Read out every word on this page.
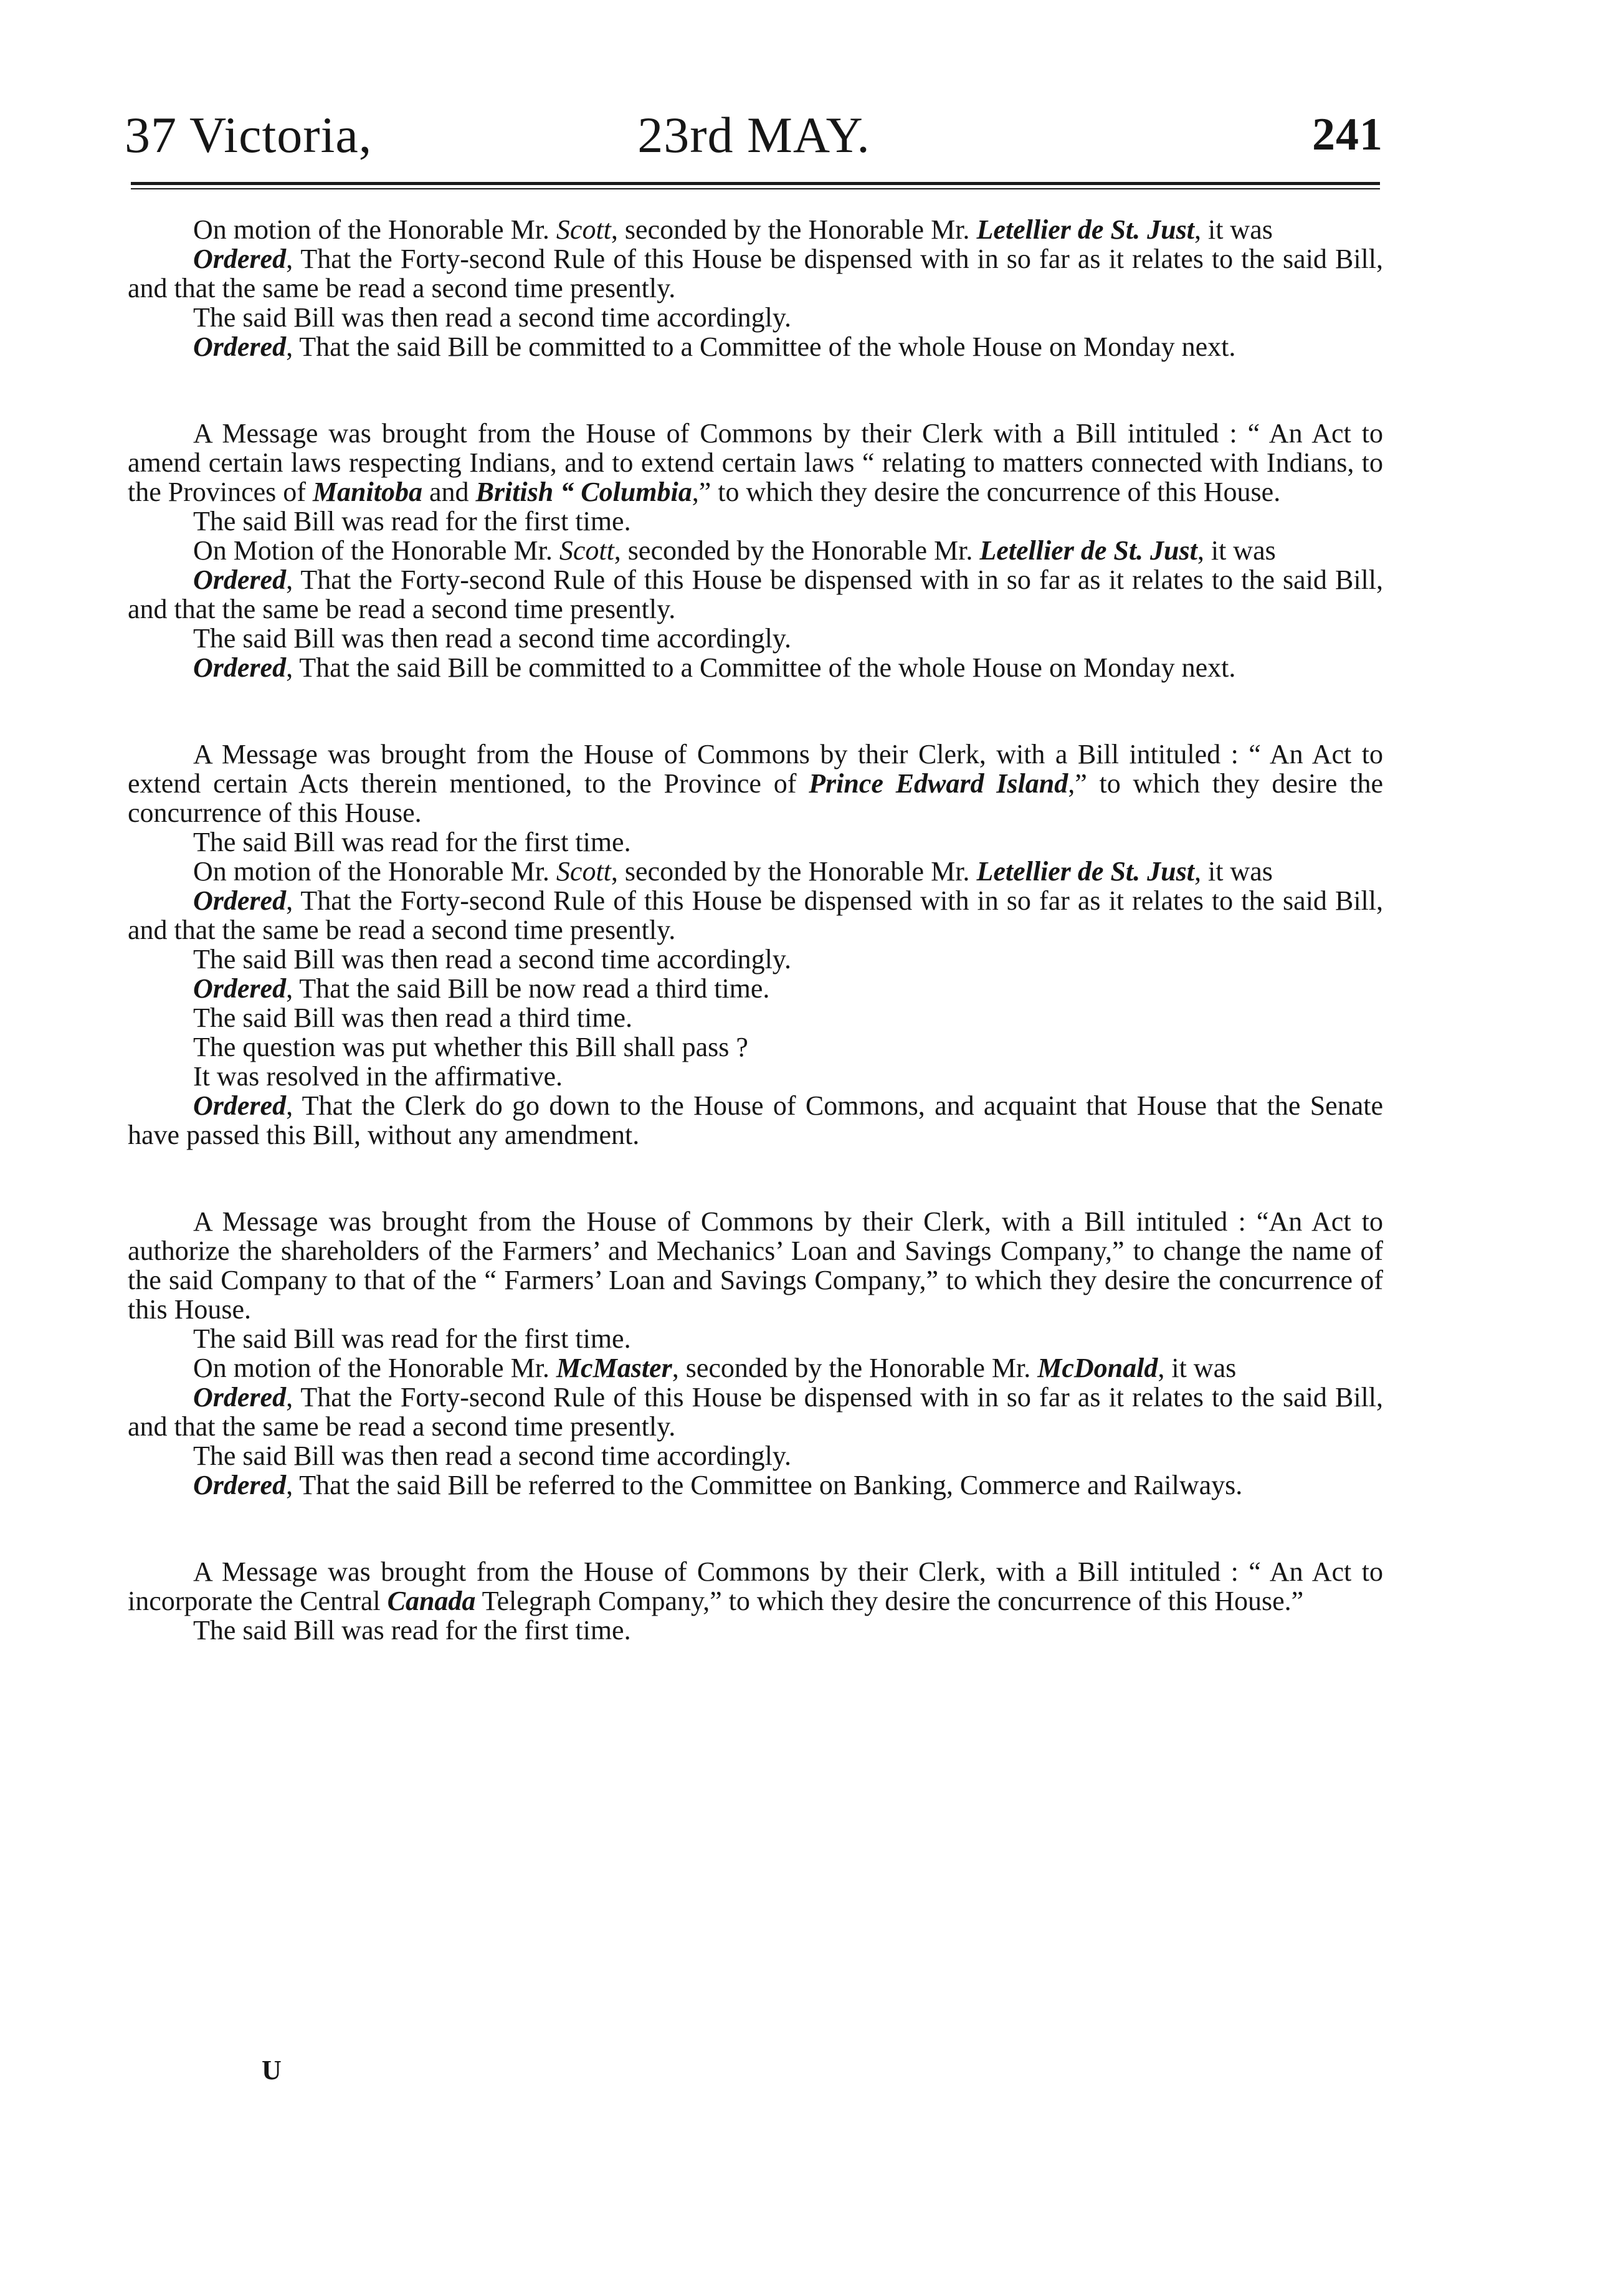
37 Victoria,	23rd MAY.	241

On motion of the Honorable Mr. Scott, seconded by the Honorable Mr. Letellier de St. Just, it was

Ordered, That the Forty-second Rule of this House be dispensed with in so far as it relates to the said Bill, and that the same be read a second time presently.

The said Bill was then read a second time accordingly.

Ordered, That the said Bill be committed to a Committee of the whole House on Monday next.

A Message was brought from the House of Commons by their Clerk with a Bill intituled : “ An Act to amend certain laws respecting Indians, and to extend certain laws “ relating to matters connected with Indians, to the Provinces of Manitoba and British “ Columbia,” to which they desire the concurrence of this House.

The said Bill was read for the first time.

On Motion of the Honorable Mr. Scott, seconded by the Honorable Mr. Letellier de St. Just, it was

Ordered, That the Forty-second Rule of this House be dispensed with in so far as it relates to the said Bill, and that the same be read a second time presently.

The said Bill was then read a second time accordingly.

Ordered, That the said Bill be committed to a Committee of the whole House on Monday next.

A Message was brought from the House of Commons by their Clerk, with a Bill intituled : “ An Act to extend certain Acts therein mentioned, to the Province of Prince Edward Island,” to which they desire the concurrence of this House.

The said Bill was read for the first time.

On motion of the Honorable Mr. Scott, seconded by the Honorable Mr. Letellier de St. Just, it was

Ordered, That the Forty-second Rule of this House be dispensed with in so far as it relates to the said Bill, and that the same be read a second time presently.

The said Bill was then read a second time accordingly.

Ordered, That the said Bill be now read a third time.

The said Bill was then read a third time.

The question was put whether this Bill shall pass ?

It was resolved in the affirmative.

Ordered, That the Clerk do go down to the House of Commons, and acquaint that House that the Senate have passed this Bill, without any amendment.

A Message was brought from the House of Commons by their Clerk, with a Bill intituled : “An Act to authorize the shareholders of the Farmers’ and Mechanics’ Loan and Savings Company,” to change the name of the said Company to that of the “ Farmers’ Loan and Savings Company,” to which they desire the concurrence of this House.

The said Bill was read for the first time.

On motion of the Honorable Mr. McMaster, seconded by the Honorable Mr. McDonald, it was

Ordered, That the Forty-second Rule of this House be dispensed with in so far as it relates to the said Bill, and that the same be read a second time presently.

The said Bill was then read a second time accordingly.

Ordered, That the said Bill be referred to the Committee on Banking, Commerce and Railways.

A Message was brought from the House of Commons by their Clerk, with a Bill intituled : “ An Act to incorporate the Central Canada Telegraph Company,” to which they desire the concurrence of this House.”

The said Bill was read for the first time.

U
